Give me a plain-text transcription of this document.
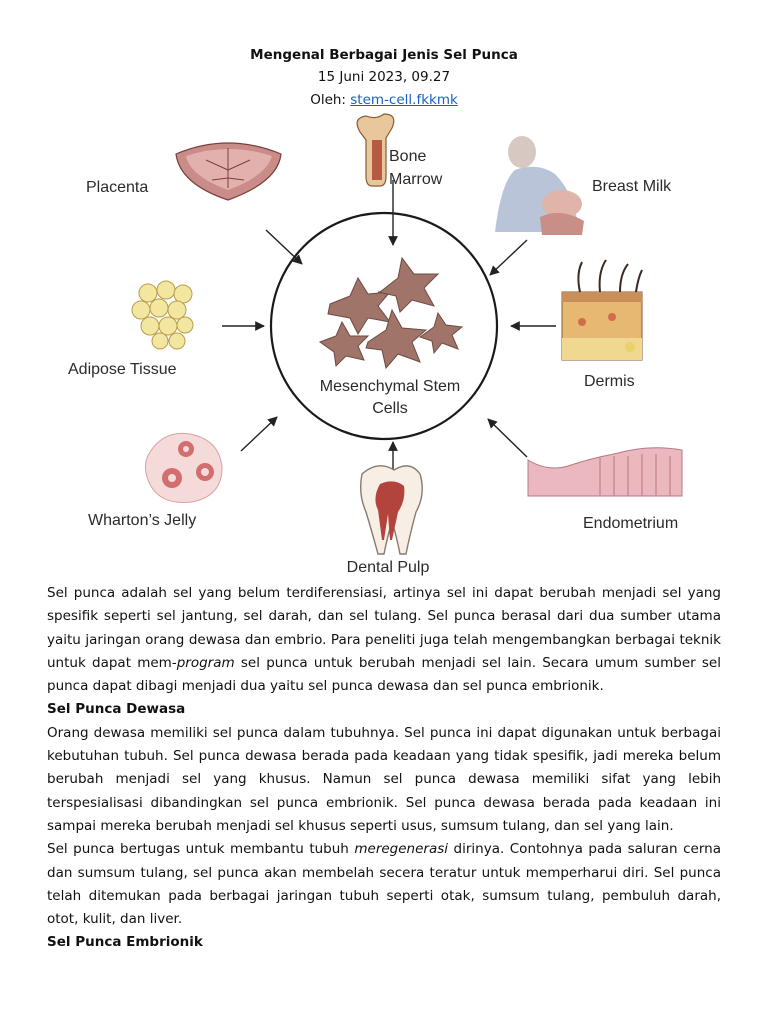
Mengenal Berbagai Jenis Sel Punca
15 Juni 2023, 09.27
Oleh: stem-cell.fkkmk
Mesenchymal Stem
Cells
Placenta
Bone
Marrow	Breast Milk
Adipose Tissue
Dermis
Wharton’s Jelly	Endometrium
Dental Pulp

Sel punca adalah sel yang belum terdiferensiasi, artinya sel ini dapat berubah menjadi sel yang spesifik seperti sel jantung, sel darah, dan sel tulang. Sel punca berasal dari dua sumber utama yaitu jaringan orang dewasa dan embrio. Para peneliti juga telah mengembangkan berbagai teknik untuk dapat mem-program sel punca untuk berubah menjadi sel lain. Secara umum sumber sel punca dapat dibagi menjadi dua yaitu sel punca dewasa dan sel punca embrionik.

Sel Punca Dewasa

Orang dewasa memiliki sel punca dalam tubuhnya. Sel punca ini dapat digunakan untuk berbagai kebutuhan tubuh. Sel punca dewasa berada pada keadaan yang tidak spesifik, jadi mereka belum berubah menjadi sel yang khusus. Namun sel punca dewasa memiliki sifat yang lebih terspesialisasi dibandingkan sel punca embrionik. Sel punca dewasa berada pada keadaan ini sampai mereka berubah menjadi sel khusus seperti usus, sumsum tulang, dan sel yang lain.

Sel punca bertugas untuk membantu tubuh meregenerasi dirinya. Contohnya pada saluran cerna dan sumsum tulang, sel punca akan membelah secera teratur untuk memperharui diri. Sel punca telah ditemukan pada berbagai jaringan tubuh seperti otak, sumsum tulang, pembuluh darah, otot, kulit, dan liver.

Sel Punca Embrionik
